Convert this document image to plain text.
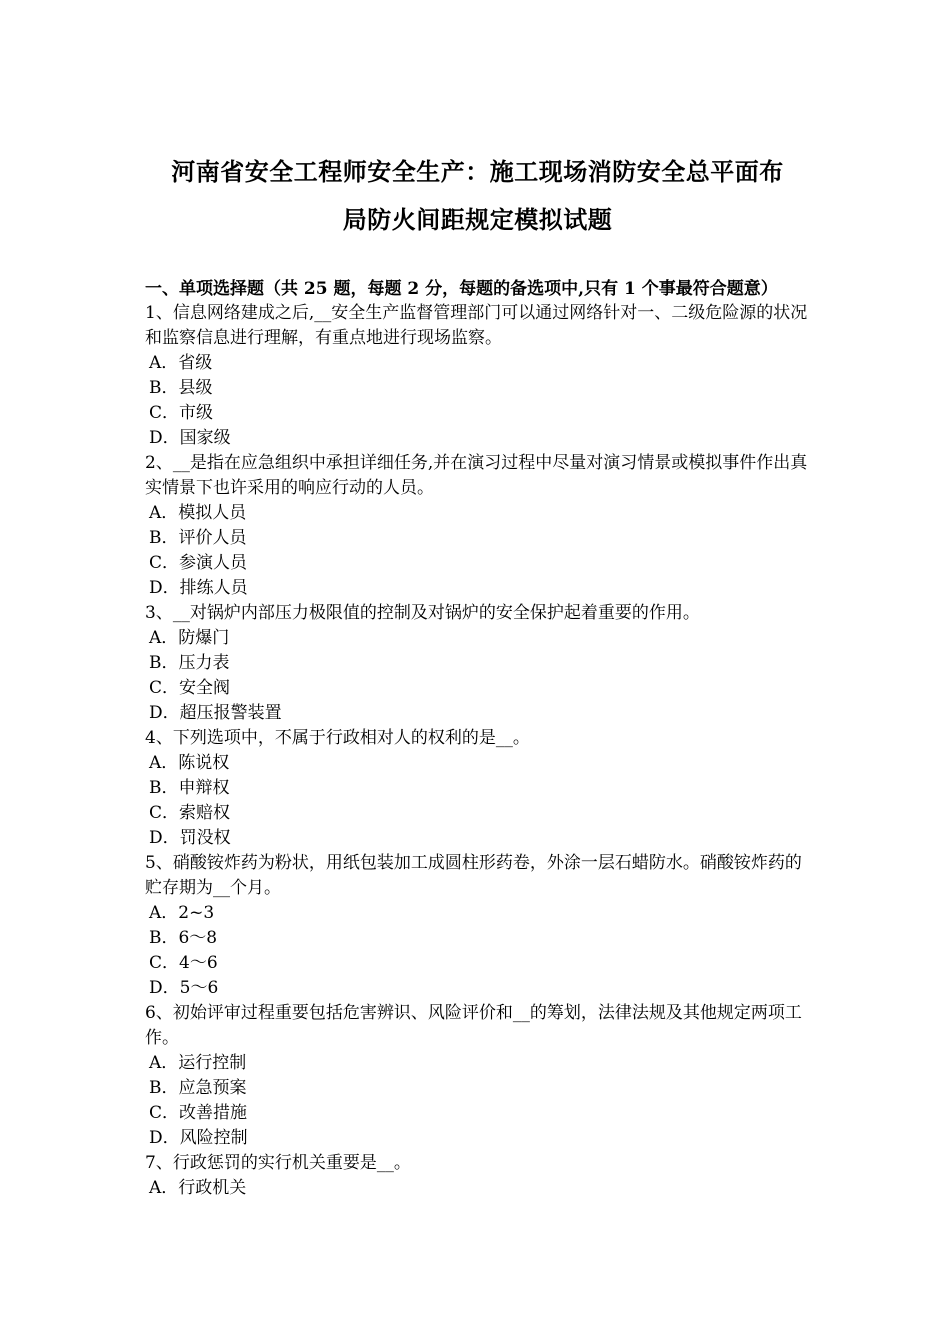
河南省安全工程师安全生产：施工现场消防安全总平面布
局防火间距规定模拟试题

一、单项选择题（共 25 题，每题 2 分，每题的备选项中,只有 1 个事最符合题意）

1、信息网络建成之后,__安全生产监督管理部门可以通过网络针对一、二级危险源的状况和监察信息进行理解，有重点地进行现场监察。

A．省级

B．县级

C．市级

D．国家级

2、__是指在应急组织中承担详细任务,并在演习过程中尽量对演习情景或模拟事件作出真实情景下也许采用的响应行动的人员。

A．模拟人员

B．评价人员

C．参演人员

D．排练人员

3、__对锅炉内部压力极限值的控制及对锅炉的安全保护起着重要的作用。

A．防爆门

B．压力表

C．安全阀

D．超压报警装置

4、下列选项中，不属于行政相对人的权利的是__。

A．陈说权

B．申辩权

C．索赔权

D．罚没权

5、硝酸铵炸药为粉状，用纸包装加工成圆柱形药卷，外涂一层石蜡防水。硝酸铵炸药的贮存期为__个月。

A．2~3

B．6～8

C．4～6

D．5～6

6、初始评审过程重要包括危害辨识、风险评价和__的筹划，法律法规及其他规定两项工作。

A．运行控制

B．应急预案

C．改善措施

D．风险控制

7、行政惩罚的实行机关重要是__。

A．行政机关
